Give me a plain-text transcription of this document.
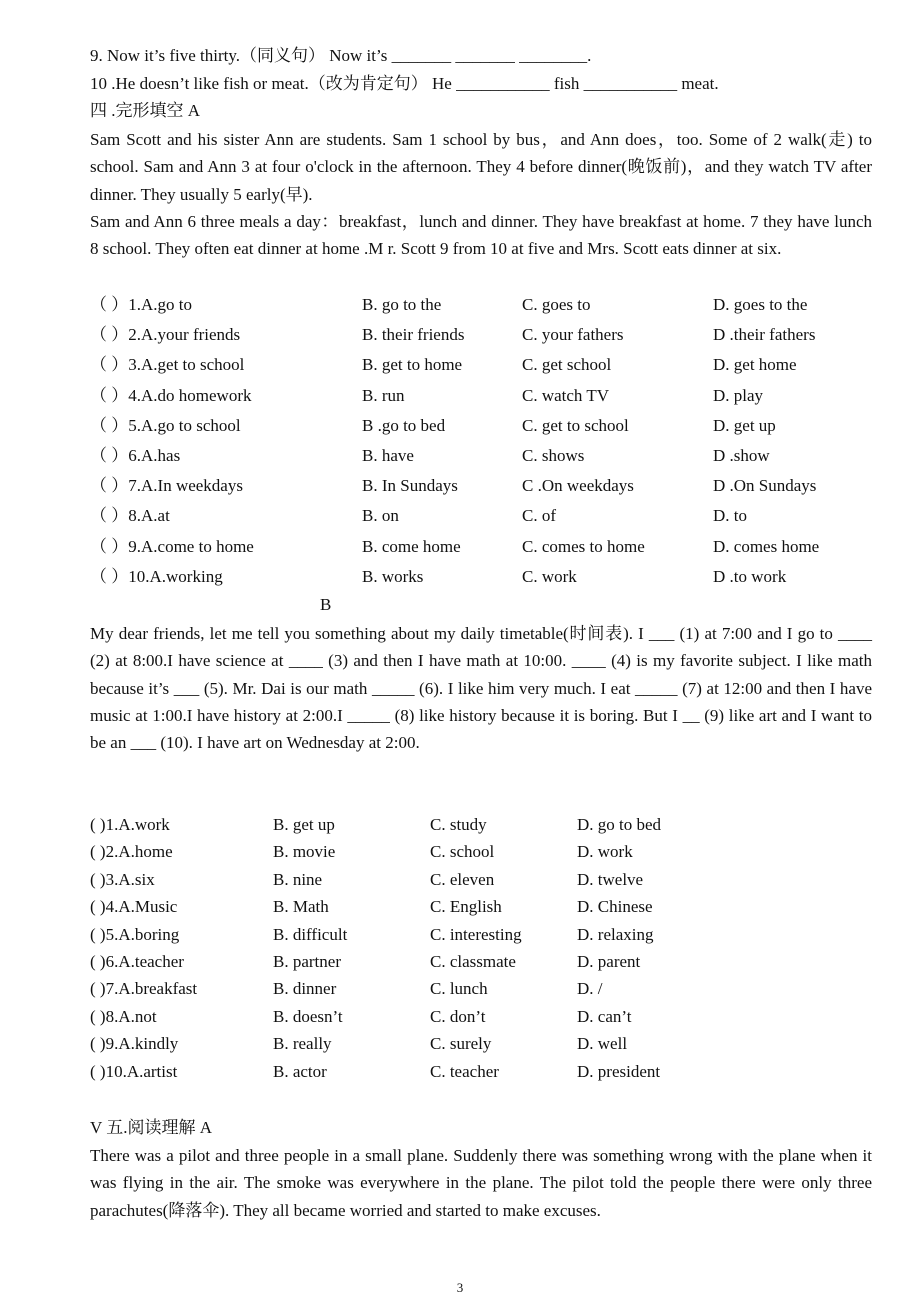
9. Now it’s five thirty.（同义句） Now it’s _______ _______ ________.
10 .He doesn’t like fish or meat.（改为肯定句） He ___________ fish ___________ meat.
四 .完形填空 A

Sam Scott and his sister Ann are students. Sam 1 school by bus，and Ann does，too. Some of 2 walk(走) to school. Sam and Ann 3 at four o'clock in the afternoon. They 4 before dinner(晚饭前)，and they watch TV after dinner. They usually 5 early(早).

Sam and Ann 6 three meals a day：breakfast，lunch and dinner. They have breakfast at home. 7 they have lunch 8 school. They often eat dinner at home .M r. Scott 9 from 10 at five and Mrs. Scott eats dinner at six.

（ ）1.A.go to	B. go to the	C. goes to	D. goes to the
（ ）2.A.your friends	B. their friends	C. your fathers	D .their fathers
（ ）3.A.get to school	B. get to home	C. get school	D. get home
（ ）4.A.do homework	B. run	C. watch TV	D. play
（ ）5.A.go to school	B .go to bed	C. get to school	D. get up
（ ）6.A.has	B. have	C. shows	D .show
（ ）7.A.In weekdays	B. In Sundays	C .On weekdays	D .On Sundays
（ ）8.A.at	B. on	C. of	D. to
（ ）9.A.come to home	B. come home	C. comes to home	D. comes home
（ ）10.A.working	B. works	C. work	D .to work
B

My dear friends, let me tell you something about my daily timetable(时间表). I ___ (1) at 7:00 and I go to ____ (2) at 8:00.I have science at ____ (3) and then I have math at 10:00. ____ (4) is my favorite subject. I like math because it’s ___ (5). Mr. Dai is our math _____ (6). I like him very much. I eat _____ (7) at 12:00 and then I have music at 1:00.I have history at 2:00.I _____ (8) like history because it is boring. But I __ (9) like art and I want to be an ___ (10). I have art on Wednesday at 2:00.

( )1.A.work	B. get up	C. study	D. go to bed
( )2.A.home	B. movie	C. school	D. work
( )3.A.six	B. nine	C. eleven	D. twelve
( )4.A.Music	B. Math	C. English	D. Chinese
( )5.A.boring	B. difficult	C. interesting	D. relaxing
( )6.A.teacher	B. partner	C. classmate	D. parent
( )7.A.breakfast	B. dinner	C. lunch	D. /
( )8.A.not	B. doesn’t	C. don’t	D. can’t
( )9.A.kindly	B. really	C. surely	D. well
( )10.A.artist	B. actor	C. teacher	D. president
V 五.阅读理解 A

There was a pilot and three people in a small plane. Suddenly there was something wrong with the plane when it was flying in the air. The smoke was everywhere in the plane. The pilot told the people there were only three parachutes(降落伞). They all became worried and started to make excuses.

3
